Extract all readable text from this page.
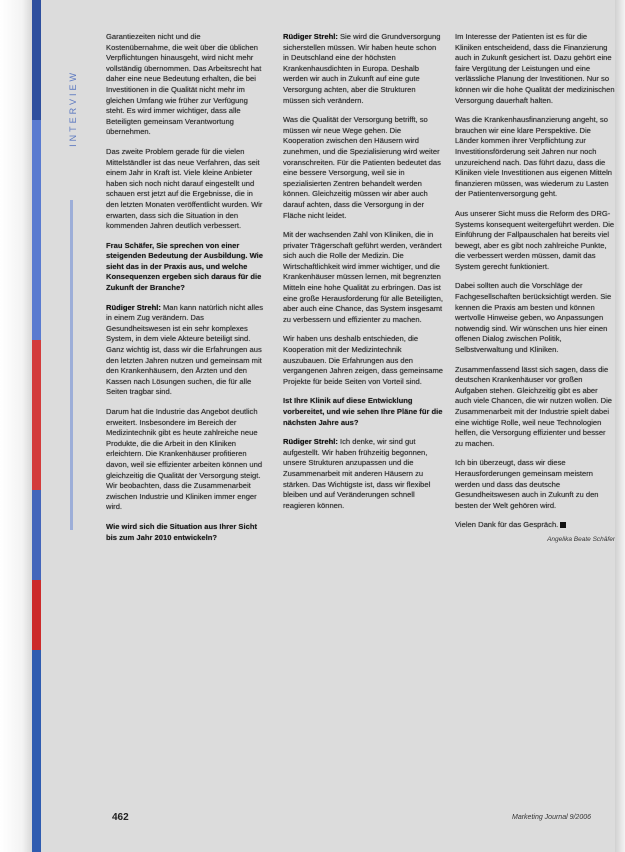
INTERVIEW

Garantiezeiten nicht und die Kostenübernahme, die weit über die üblichen Verpflichtungen hinausgeht, wird nicht mehr vollständig übernommen. Das Arbeitsrecht hat daher eine neue Bedeutung erhalten, die bei Investitionen in die Qualität nicht mehr im gleichen Umfang wie früher zur Verfügung steht. Es wird immer wichtiger, dass alle Beteiligten gemeinsam Verantwortung übernehmen.

Das zweite Problem gerade für die vielen Mittelständler ist das neue Verfahren, das seit einem Jahr in Kraft ist. Viele kleine Anbieter haben sich noch nicht darauf eingestellt und schauen erst jetzt auf die Ergebnisse, die in den letzten Monaten veröffentlicht wurden. Wir erwarten, dass sich die Situation in den kommenden Jahren deutlich verbessert.

Frau Schäfer, Sie sprechen von einer steigenden Bedeutung der Ausbildung. Wie sieht das in der Praxis aus, und welche Konsequenzen ergeben sich daraus für die Zukunft der Branche?

Rüdiger Strehl: Man kann natürlich nicht alles in einem Zug verändern. Das Gesundheitswesen ist ein sehr komplexes System, in dem viele Akteure beteiligt sind. Ganz wichtig ist, dass wir die Erfahrungen aus den letzten Jahren nutzen und gemeinsam mit den Krankenhäusern, den Ärzten und den Kassen nach Lösungen suchen, die für alle Seiten tragbar sind.

Darum hat die Industrie das Angebot deutlich erweitert. Insbesondere im Bereich der Medizintechnik gibt es heute zahlreiche neue Produkte, die die Arbeit in den Kliniken erleichtern. Die Krankenhäuser profitieren davon, weil sie effizienter arbeiten können und gleichzeitig die Qualität der Versorgung steigt. Wir beobachten, dass die Zusammenarbeit zwischen Industrie und Kliniken immer enger wird.

Wie wird sich die Situation aus Ihrer Sicht bis zum Jahr 2010 entwickeln?

Rüdiger Strehl: Sie wird die Grundversorgung sicherstellen müssen. Wir haben heute schon in Deutschland eine der höchsten Krankenhausdichten in Europa. Deshalb werden wir auch in Zukunft auf eine gute Versorgung achten, aber die Strukturen müssen sich verändern.

Was die Qualität der Versorgung betrifft, so müssen wir neue Wege gehen. Die Kooperation zwischen den Häusern wird zunehmen, und die Spezialisierung wird weiter voranschreiten. Für die Patienten bedeutet das eine bessere Versorgung, weil sie in spezialisierten Zentren behandelt werden können. Gleichzeitig müssen wir aber auch darauf achten, dass die Versorgung in der Fläche nicht leidet.

Mit der wachsenden Zahl von Kliniken, die in privater Trägerschaft geführt werden, verändert sich auch die Rolle der Medizin. Die Wirtschaftlichkeit wird immer wichtiger, und die Krankenhäuser müssen lernen, mit begrenzten Mitteln eine hohe Qualität zu erbringen. Das ist eine große Herausforderung für alle Beteiligten, aber auch eine Chance, das System insgesamt zu verbessern und effizienter zu machen.

Wir haben uns deshalb entschieden, die Kooperation mit der Medizintechnik auszubauen. Die Erfahrungen aus den vergangenen Jahren zeigen, dass gemeinsame Projekte für beide Seiten von Vorteil sind.

Ist Ihre Klinik auf diese Entwicklung vorbereitet, und wie sehen Ihre Pläne für die nächsten Jahre aus?

Rüdiger Strehl: Ich denke, wir sind gut aufgestellt. Wir haben frühzeitig begonnen, unsere Strukturen anzupassen und die Zusammenarbeit mit anderen Häusern zu stärken. Das Wichtigste ist, dass wir flexibel bleiben und auf Veränderungen schnell reagieren können.

Im Interesse der Patienten ist es für die Kliniken entscheidend, dass die Finanzierung auch in Zukunft gesichert ist. Dazu gehört eine faire Vergütung der Leistungen und eine verlässliche Planung der Investitionen. Nur so können wir die hohe Qualität der medizinischen Versorgung dauerhaft halten.

Was die Krankenhausfinanzierung angeht, so brauchen wir eine klare Perspektive. Die Länder kommen ihrer Verpflichtung zur Investitionsförderung seit Jahren nur noch unzureichend nach. Das führt dazu, dass die Kliniken viele Investitionen aus eigenen Mitteln finanzieren müssen, was wiederum zu Lasten der Patientenversorgung geht.

Aus unserer Sicht muss die Reform des DRG-Systems konsequent weitergeführt werden. Die Einführung der Fallpauschalen hat bereits viel bewegt, aber es gibt noch zahlreiche Punkte, die verbessert werden müssen, damit das System gerecht funktioniert.

Dabei sollten auch die Vorschläge der Fachgesellschaften berücksichtigt werden. Sie kennen die Praxis am besten und können wertvolle Hinweise geben, wo Anpassungen notwendig sind. Wir wünschen uns hier einen offenen Dialog zwischen Politik, Selbstverwaltung und Kliniken.

Zusammenfassend lässt sich sagen, dass die deutschen Krankenhäuser vor großen Aufgaben stehen. Gleichzeitig gibt es aber auch viele Chancen, die wir nutzen wollen. Die Zusammenarbeit mit der Industrie spielt dabei eine wichtige Rolle, weil neue Technologien helfen, die Versorgung effizienter und besser zu machen.

Ich bin überzeugt, dass wir diese Herausforderungen gemeinsam meistern werden und dass das deutsche Gesundheitswesen auch in Zukunft zu den besten der Welt gehören wird.

Vielen Dank für das Gespräch.

Angelika Beate Schäfer
462	Marketing Journal 9/2006
